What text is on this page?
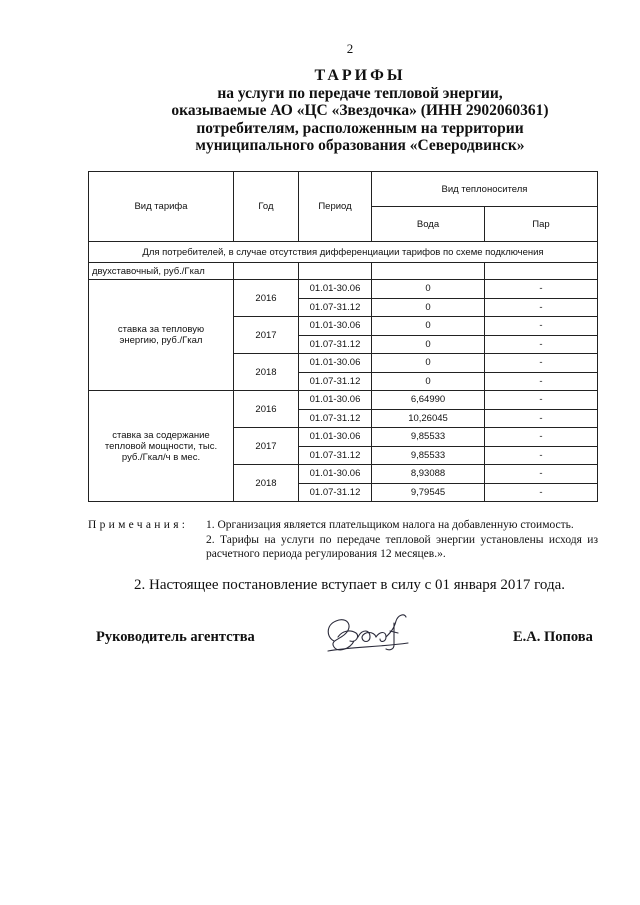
2
ТАРИФЫ
на услуги по передаче тепловой энергии,
оказываемые АО «ЦС «Звездочка» (ИНН 2902060361)
потребителям, расположенным на территории
муниципального образования «Северодвинск»
Вид тарифа	Год	Период	Вид теплоносителя	
			Вода	Пар
Для потребителей, в случае отсутствия дифференциации тарифов по схеме подключения				
двухставочный, руб./Гкал				
ставка за тепловую энергию, руб./Гкал	2016	01.01-30.06	0	-
		01.07-31.12	0	-
	2017	01.01-30.06	0	-
		01.07-31.12	0	-
	2018	01.01-30.06	0	-
		01.07-31.12	0	-
ставка за содержание тепловой мощности, тыс. руб./Гкал/ч в мес.	2016	01.01-30.06	6,64990	-
		01.07-31.12	10,26045	-
	2017	01.01-30.06	9,85533	-
		01.07-31.12	9,85533	-
	2018	01.01-30.06	8,93088	-
		01.07-31.12	9,79545	-
Примечания: 1. Организация является плательщиком налога на добавленную стоимость.
2. Тарифы на услуги по передаче тепловой энергии установлены исходя из расчетного периода регулирования 12 месяцев.».
2. Настоящее постановление вступает в силу с 01 января 2017 года.
Руководитель агентства	Е.А. Попова
